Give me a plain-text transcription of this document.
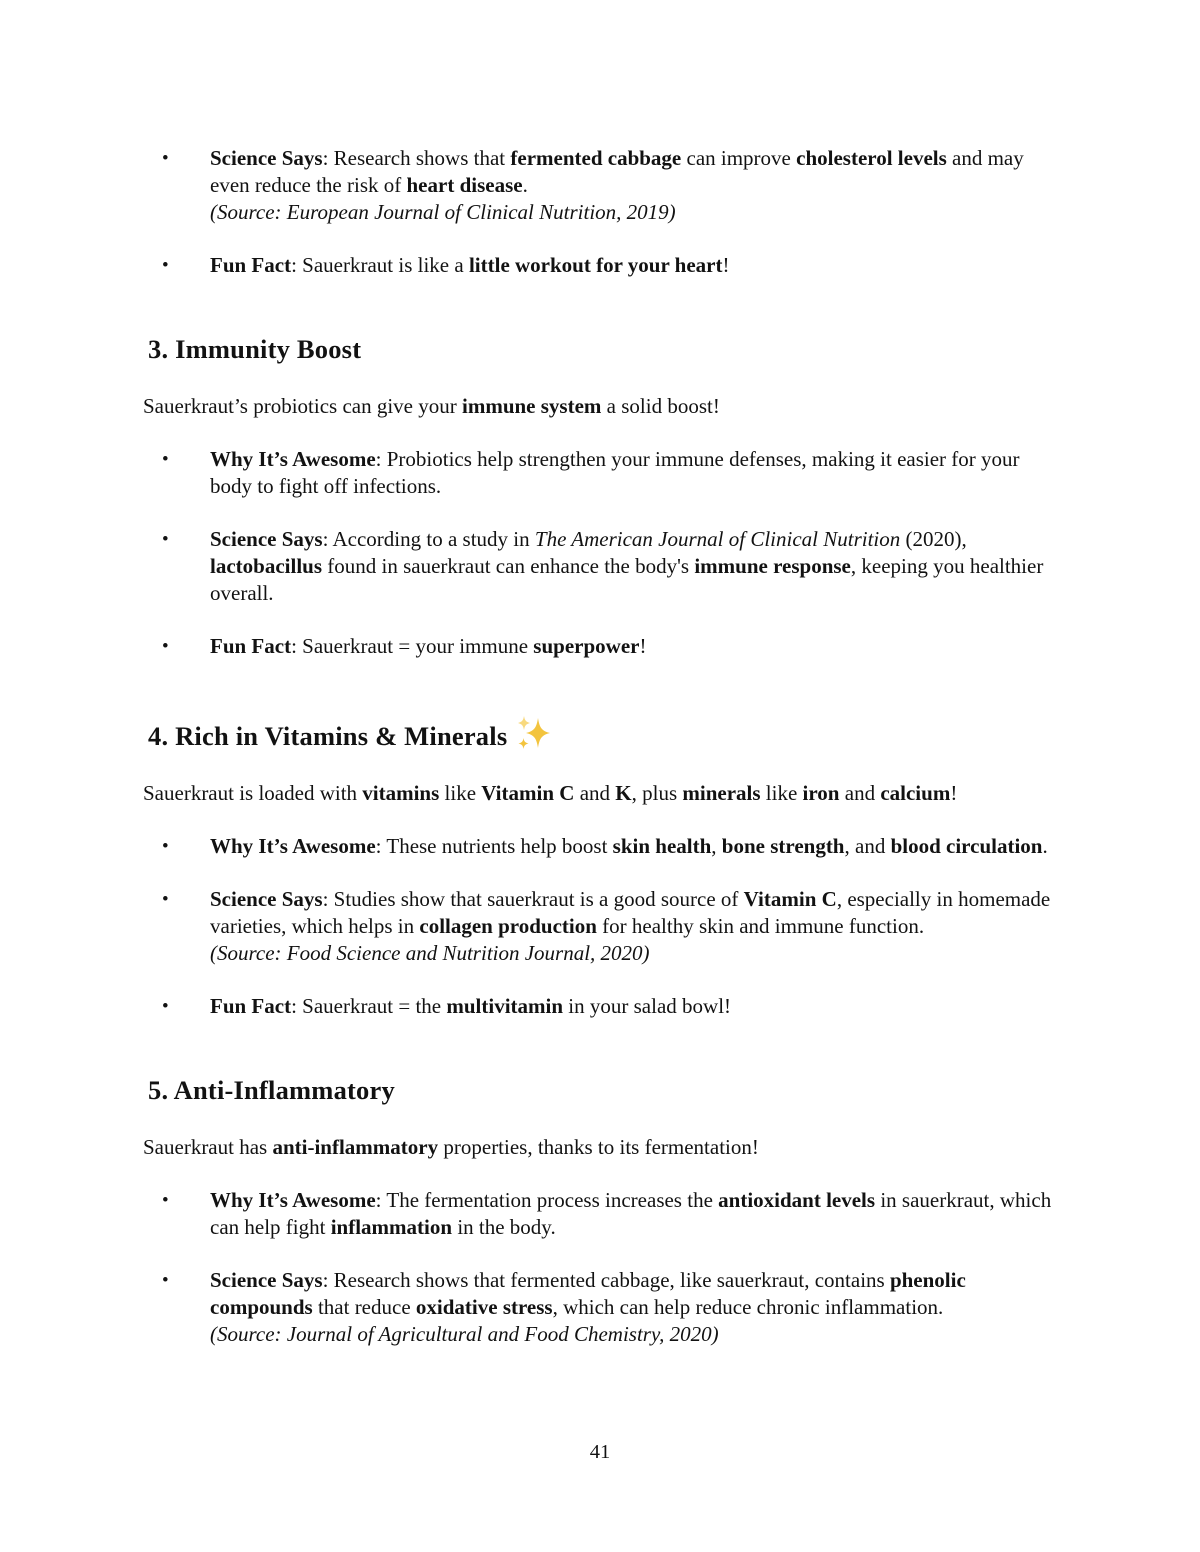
• Science Says: Research shows that fermented cabbage can improve cholesterol levels and may even reduce the risk of heart disease.
(Source: European Journal of Clinical Nutrition, 2019)
• Fun Fact: Sauerkraut is like a little workout for your heart!
3. Immunity Boost

Sauerkraut’s probiotics can give your immune system a solid boost!

• Why It’s Awesome: Probiotics help strengthen your immune defenses, making it easier for your body to fight off infections.
• Science Says: According to a study in The American Journal of Clinical Nutrition (2020), lactobacillus found in sauerkraut can enhance the body's immune response, keeping you healthier overall.
• Fun Fact: Sauerkraut = your immune superpower!
4. Rich in Vitamins & Minerals

Sauerkraut is loaded with vitamins like Vitamin C and K, plus minerals like iron and calcium!

• Why It’s Awesome: These nutrients help boost skin health, bone strength, and blood circulation.
• Science Says: Studies show that sauerkraut is a good source of Vitamin C, especially in homemade varieties, which helps in collagen production for healthy skin and immune function.
(Source: Food Science and Nutrition Journal, 2020)
• Fun Fact: Sauerkraut = the multivitamin in your salad bowl!
5. Anti-Inflammatory

Sauerkraut has anti-inflammatory properties, thanks to its fermentation!

• Why It’s Awesome: The fermentation process increases the antioxidant levels in sauerkraut, which can help fight inflammation in the body.
• Science Says: Research shows that fermented cabbage, like sauerkraut, contains phenolic compounds that reduce oxidative stress, which can help reduce chronic inflammation.
(Source: Journal of Agricultural and Food Chemistry, 2020)
41
